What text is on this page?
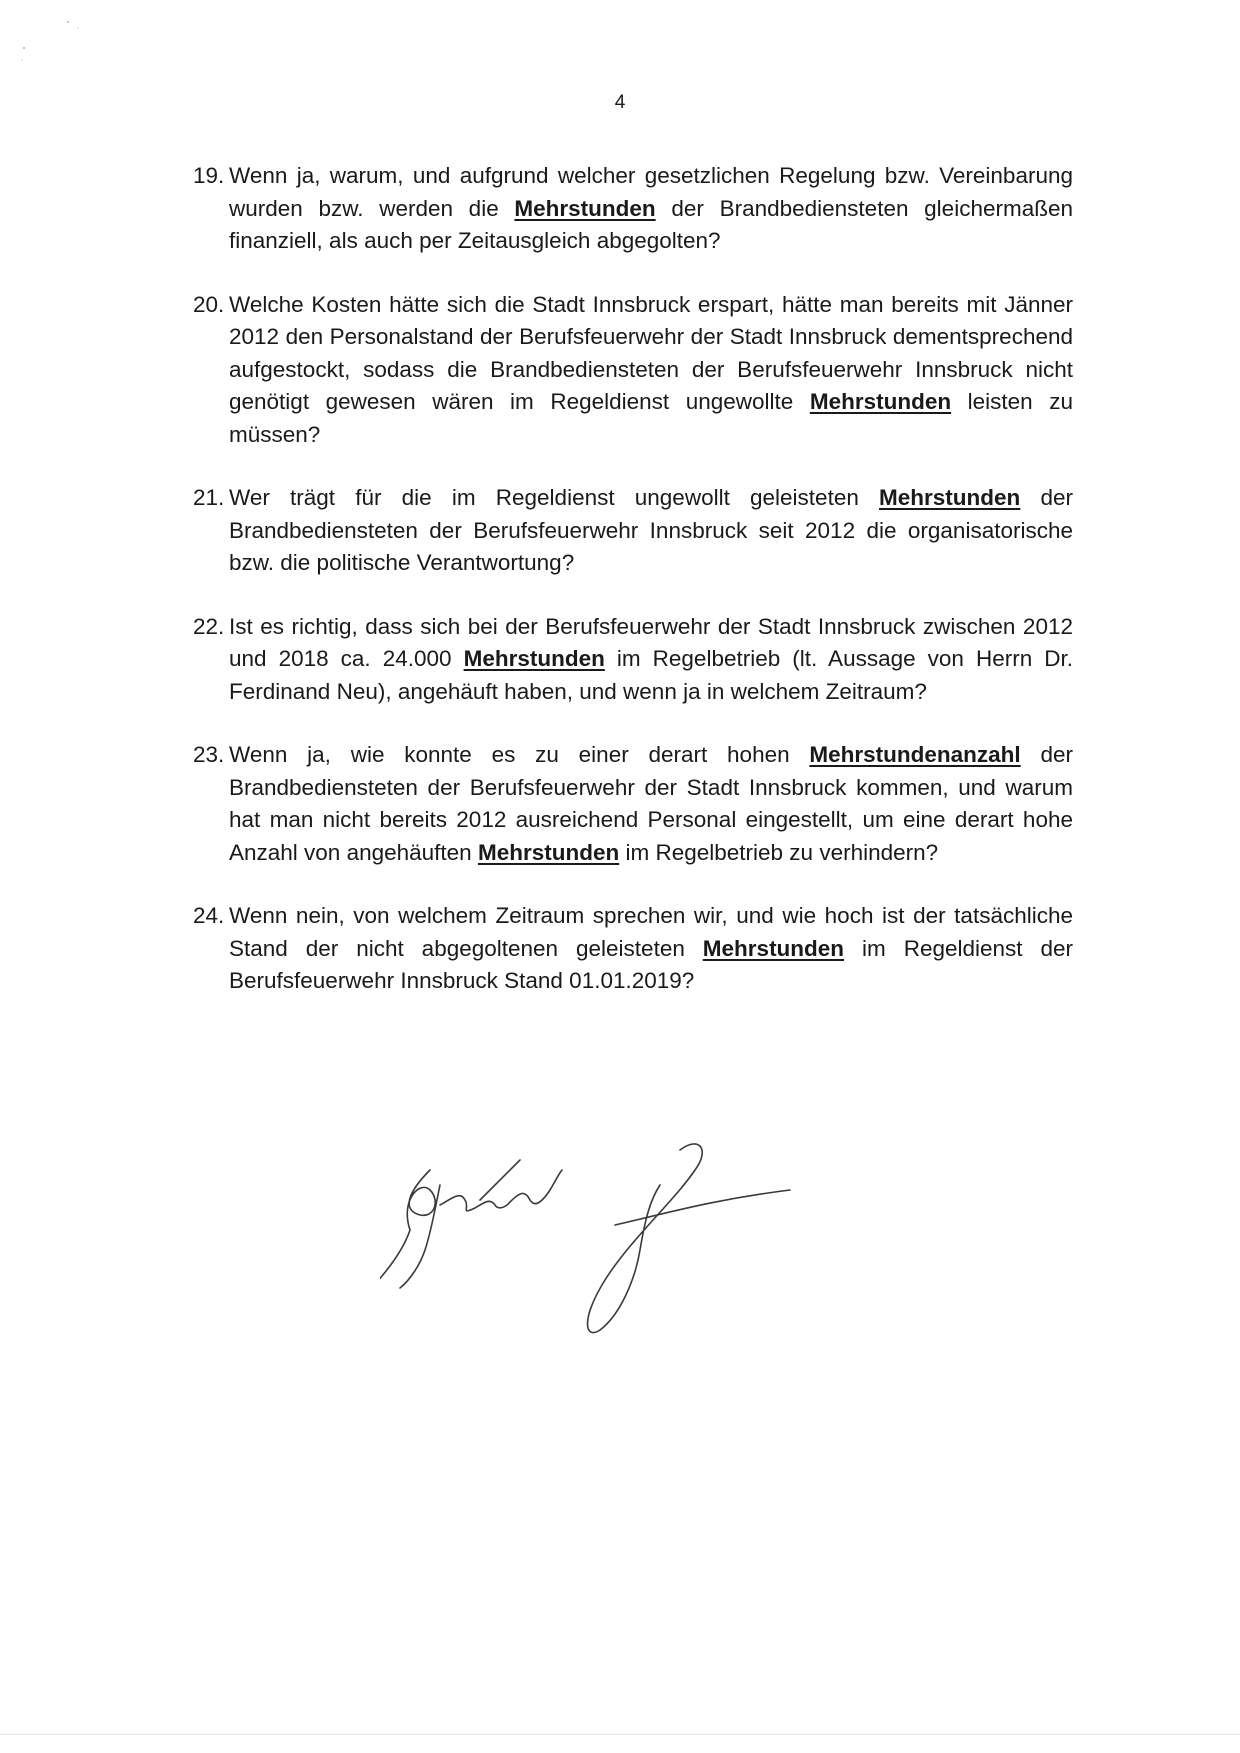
4
19. Wenn ja, warum, und aufgrund welcher gesetzlichen Regelung bzw. Vereinbarung wurden bzw. werden die Mehrstunden der Brandbediensteten gleichermaßen finanziell, als auch per Zeitausgleich abgegolten?
20. Welche Kosten hätte sich die Stadt Innsbruck erspart, hätte man bereits mit Jänner 2012 den Personalstand der Berufsfeuerwehr der Stadt Innsbruck dementsprechend aufgestockt, sodass die Brandbediensteten der Berufsfeuerwehr Innsbruck nicht genötigt gewesen wären im Regeldienst ungewollte Mehrstunden leisten zu müssen?
21. Wer trägt für die im Regeldienst ungewollt geleisteten Mehrstunden der Brandbediensteten der Berufsfeuerwehr Innsbruck seit 2012 die organisatorische bzw. die politische Verantwortung?
22. Ist es richtig, dass sich bei der Berufsfeuerwehr der Stadt Innsbruck zwischen 2012 und 2018 ca. 24.000 Mehrstunden im Regelbetrieb (lt. Aussage von Herrn Dr. Ferdinand Neu), angehäuft haben, und wenn ja in welchem Zeitraum?
23. Wenn ja, wie konnte es zu einer derart hohen Mehrstundenanzahl der Brandbediensteten der Berufsfeuerwehr der Stadt Innsbruck kommen, und warum hat man nicht bereits 2012 ausreichend Personal eingestellt, um eine derart hohe Anzahl von angehäuften Mehrstunden im Regelbetrieb zu verhindern?
24. Wenn nein, von welchem Zeitraum sprechen wir, und wie hoch ist der tatsächliche Stand der nicht abgegoltenen geleisteten Mehrstunden im Regeldienst der Berufsfeuerwehr Innsbruck Stand 01.01.2019?
